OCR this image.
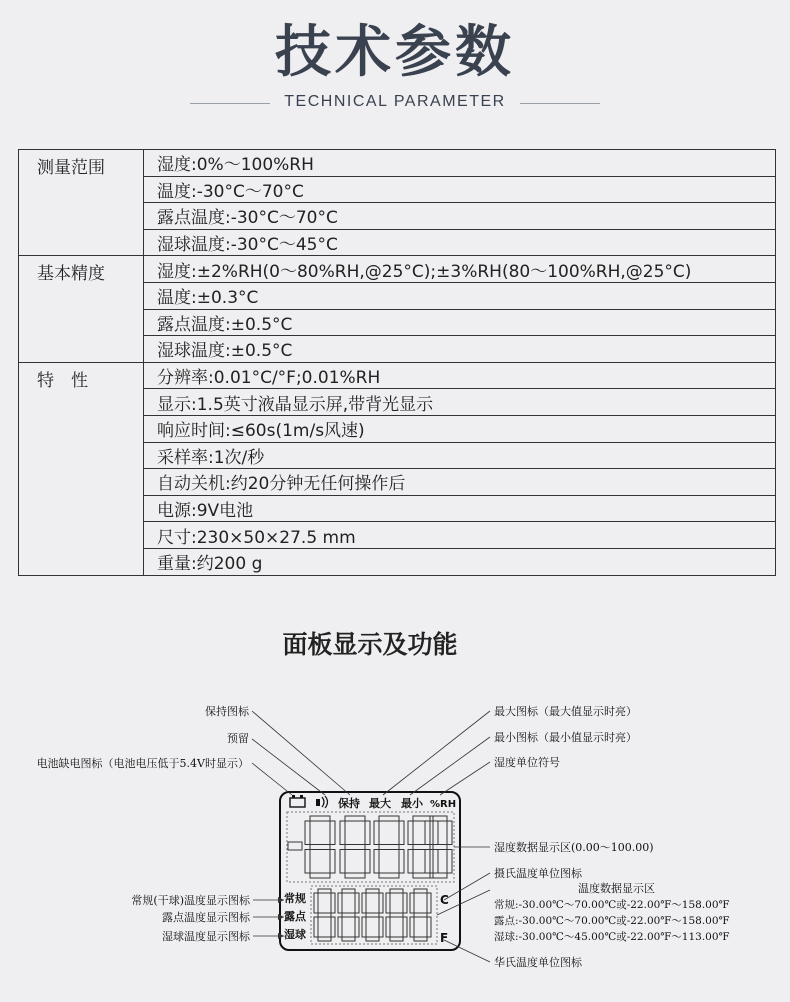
技术参数
TECHNICAL PARAMETER
测量范围	湿度:0%～100%RH
	温度:-30°C～70°C
	露点温度:-30°C～70°C
	湿球温度:-30°C～45°C
基本精度	湿度:±2%RH(0～80%RH,@25°C);±3%RH(80～100%RH,@25°C)
	温度:±0.3°C
	露点温度:±0.5°C
	湿球温度:±0.5°C
特　性	分辨率:0.01°C/°F;0.01%RH
	显示:1.5英寸液晶显示屏,带背光显示
	响应时间:≤60s(1m/s风速)
	采样率:1次/秒
	自动关机:约20分钟无任何操作后
	电源:9V电池
	尺寸:230×50×27.5 mm
	重量:约200 g
面板显示及功能
保持 最大 最小 %RH
常规
露点
湿球
C
F
保持图标
预留
电池缺电图标（电池电压低于5.4V时显示）
最大图标（最大值显示时亮）
最小图标（最小值显示时亮）
湿度单位符号
湿度数据显示区(0.00～100.00)
摄氏温度单位图标
温度数据显示区
常规:-30.00℃～70.00℃或-22.00℉～158.00℉
露点:-30.00℃～70.00℃或-22.00℉～158.00℉
湿球:-30.00℃～45.00℃或-22.00℉～113.00℉
常规(干球)温度显示图标
露点温度显示图标
湿球温度显示图标
华氏温度单位图标
